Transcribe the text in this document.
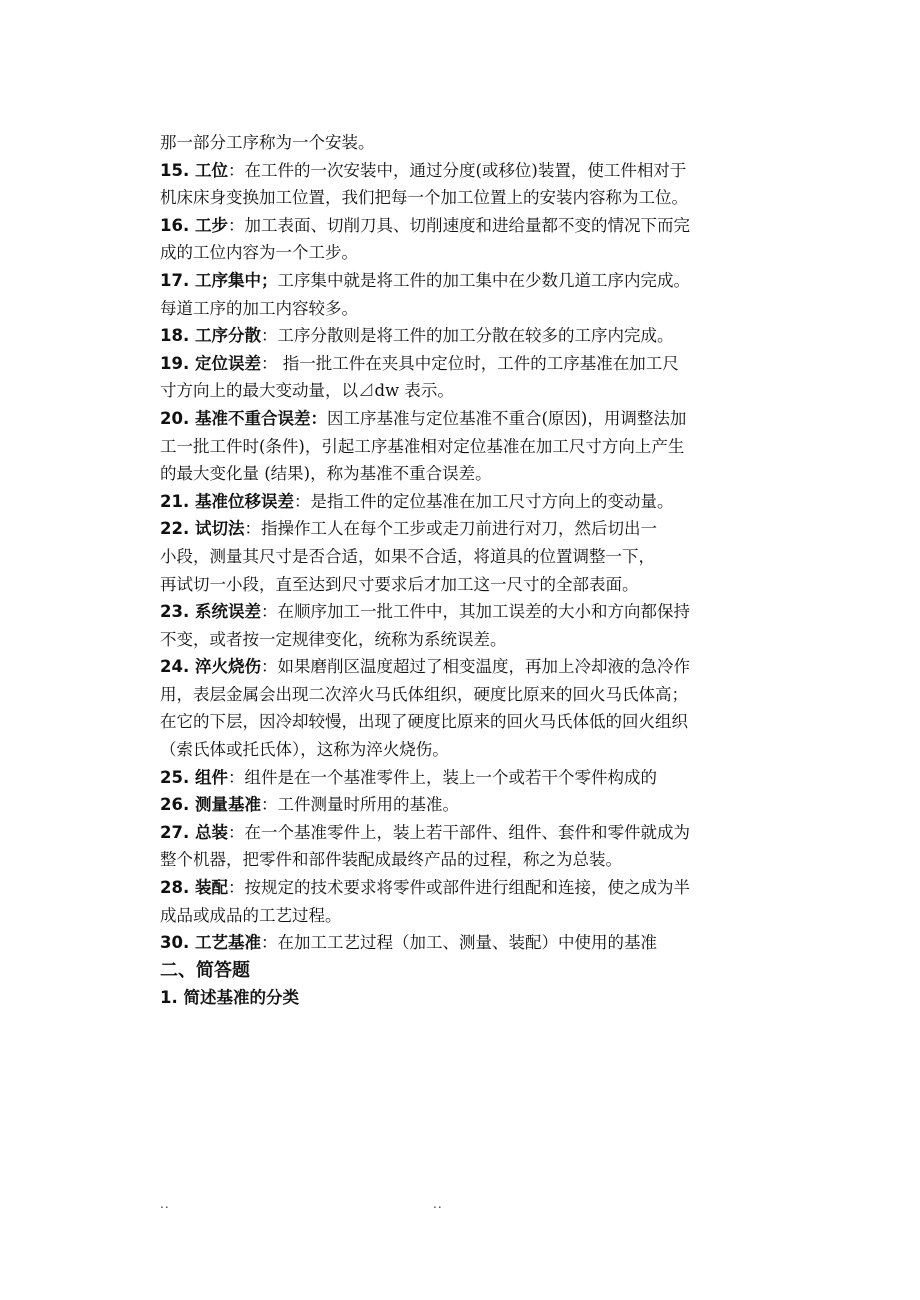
那一部分工序称为一个安装。
15. 工位：在工件的一次安装中，通过分度(或移位)装置，使工件相对于
机床床身变换加工位置，我们把每一个加工位置上的安装内容称为工位。
16. 工步：加工表面、切削刀具、切削速度和进给量都不变的情况下而完
成的工位内容为一个工步。
17. 工序集中；工序集中就是将工件的加工集中在少数几道工序内完成。
每道工序的加工内容较多。
18. 工序分散：工序分散则是将工件的加工分散在较多的工序内完成。
19. 定位误差： 指一批工件在夹具中定位时，工件的工序基准在加工尺
寸方向上的最大变动量，以⊿dw 表示。
20. 基准不重合误差：因工序基准与定位基准不重合(原因)，用调整法加
工一批工件时(条件)，引起工序基准相对定位基准在加工尺寸方向上产生
的最大变化量 (结果)，称为基准不重合误差。
21. 基准位移误差：是指工件的定位基准在加工尺寸方向上的变动量。
22. 试切法：指操作工人在每个工步或走刀前进行对刀，然后切出一
小段，测量其尺寸是否合适，如果不合适，将道具的位置调整一下，
再试切一小段，直至达到尺寸要求后才加工这一尺寸的全部表面。
23. 系统误差：在顺序加工一批工件中，其加工误差的大小和方向都保持
不变，或者按一定规律变化，统称为系统误差。
24. 淬火烧伤：如果磨削区温度超过了相变温度，再加上冷却液的急冷作
用，表层金属会出现二次淬火马氏体组织，硬度比原来的回火马氏体高；
在它的下层，因冷却较慢，出现了硬度比原来的回火马氏体低的回火组织
（索氏体或托氏体），这称为淬火烧伤。
25. 组件：组件是在一个基准零件上，装上一个或若干个零件构成的
26. 测量基准：工件测量时所用的基准。
27. 总装：在一个基准零件上，装上若干部件、组件、套件和零件就成为
整个机器，把零件和部件装配成最终产品的过程，称之为总装。
28. 装配：按规定的技术要求将零件或部件进行组配和连接，使之成为半
成品或成品的工艺过程。
30. 工艺基准：在加工工艺过程（加工、测量、装配）中使用的基准
二、简答题
1. 简述基准的分类
..	..
